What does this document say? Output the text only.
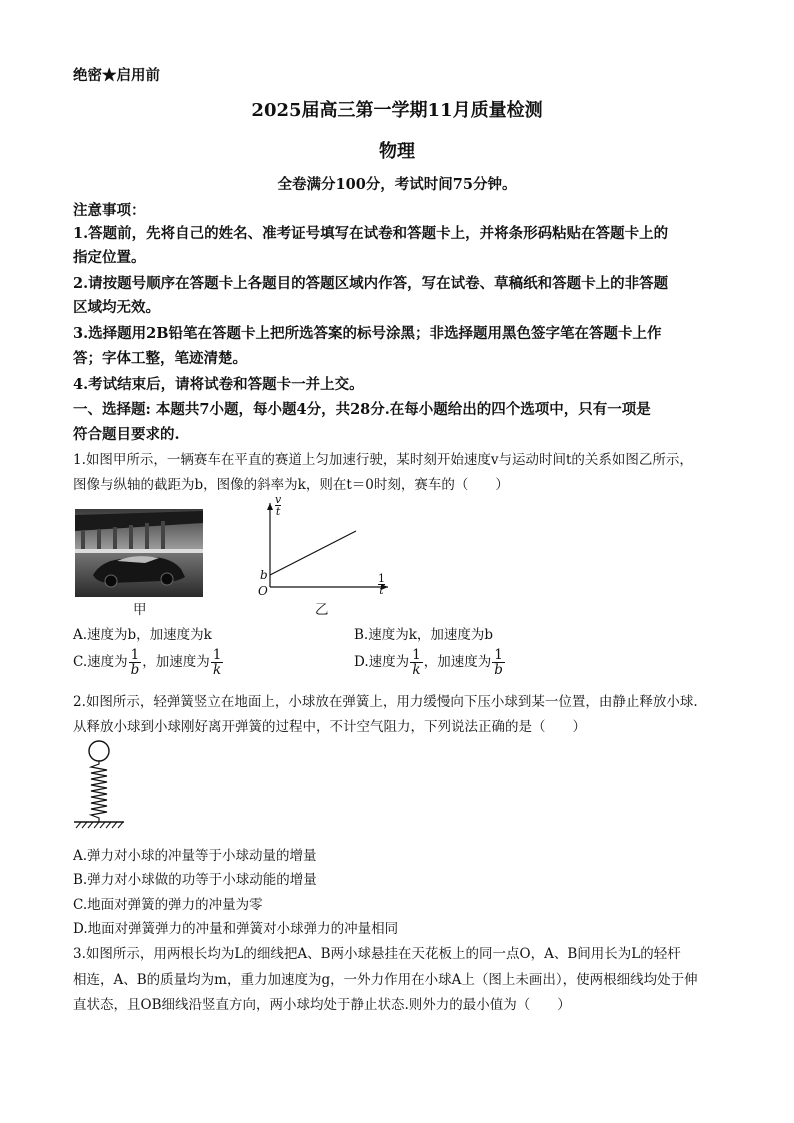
绝密★启用前
2025届高三第一学期11月质量检测
物理
全卷满分100分，考试时间75分钟。
注意事项：
1.答题前，先将自己的姓名、准考证号填写在试卷和答题卡上，并将条形码粘贴在答题卡上的
指定位置。
2.请按题号顺序在答题卡上各题目的答题区域内作答，写在试卷、草稿纸和答题卡上的非答题
区域均无效。
3.选择题用2B铅笔在答题卡上把所选答案的标号涂黑；非选择题用黑色签字笔在答题卡上作
答；字体工整，笔迹清楚。
4.考试结束后，请将试卷和答题卡一并上交。
一、选择题: 本题共7小题，每小题4分，共28分.在每小题给出的四个选项中，只有一项是
符合题目要求的.
1.如图甲所示，一辆赛车在平直的赛道上匀加速行驶，某时刻开始速度v与运动时间t的关系如图乙所示，
图像与纵轴的截距为b，图像的斜率为k，则在t＝0时刻，赛车的（　　）
甲
v
t
1
t
b
O
乙
A.速度为b，加速度为k	B.速度为k，加速度为b
C.速度为 $\frac{1}{b}$ ，加速度为 $\frac{1}{k}$	D.速度为 $\frac{1}{k}$ ，加速度为 $\frac{1}{b}$
2.如图所示，轻弹簧竖立在地面上，小球放在弹簧上，用力缓慢向下压小球到某一位置，由静止释放小球.
从释放小球到小球刚好离开弹簧的过程中，不计空气阻力，下列说法正确的是（　　）
A.弹力对小球的冲量等于小球动量的增量
B.弹力对小球做的功等于小球动能的增量
C.地面对弹簧的弹力的冲量为零
D.地面对弹簧弹力的冲量和弹簧对小球弹力的冲量相同
3.如图所示，用两根长均为L的细线把A、B两小球悬挂在天花板上的同一点O，A、B间用长为L的轻杆
相连，A、B的质量均为m，重力加速度为g，一外力作用在小球A上（图上未画出），使两根细线均处于伸
直状态，且OB细线沿竖直方向，两小球均处于静止状态.则外力的最小值为（　　）
